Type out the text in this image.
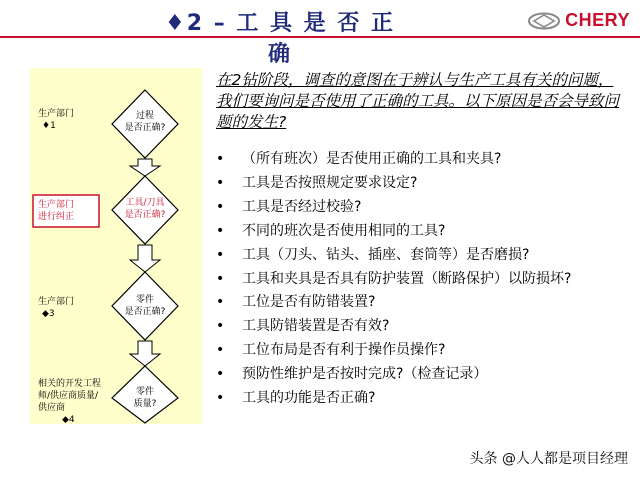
♦2 – 工 具 是 否 正 确
CHERY
生产部门
♦1
过程
是否正确?
生产部门
进行纠正
工具/刀具
是否正确?
生产部门
◆3
零件
是否正确?
相关的开发工程
师/供应商质量/
供应商
◆4
零件
质量?
在2钻阶段，调查的意图在于辨认与生产工具有关的问题，我们要询问是否使用了正确的工具。以下原因是否会导致问题的发生?
• （所有班次）是否使用正确的工具和夹具?
• 工具是否按照规定要求设定?
• 工具是否经过校验?
• 不同的班次是否使用相同的工具?
• 工具（刀头、钻头、插座、套筒等）是否磨损?
• 工具和夹具是否具有防护装置（断路保护）以防损坏?
• 工位是否有防错装置?
• 工具防错装置是否有效?
• 工位布局是否有利于操作员操作?
• 预防性维护是否按时完成?（检查记录）
• 工具的功能是否正确?
头条 @人人都是项目经理
